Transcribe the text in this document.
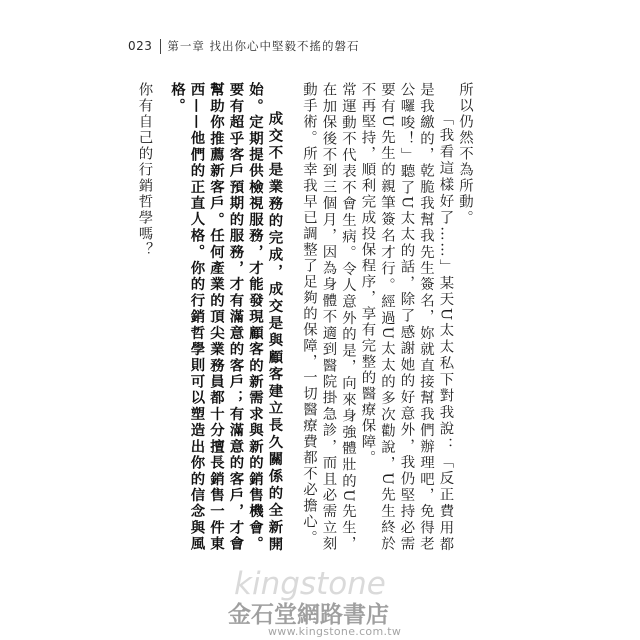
023 第一章 找出你心中堅毅不搖的磐石

所以仍然不為所動。

「我看這樣好了……」某天U太太私下對我說：「反正費用都是我繳的，乾脆我幫我先生簽名，妳就直接幫我們辦理吧，免得老公囉唆！」聽了U太太的話，除了感謝她的好意外，我仍堅持必需要有U先生的親筆簽名才行。經過U太太的多次勸說，U先生終於不再堅持，順利完成投保程序，享有完整的醫療保障。

常運動不代表不會生病。令人意外的是，向來身強體壯的U先生，在加保後不到三個月，因為身體不適到醫院掛急診，而且必需立刻動手術。所幸我早已調整了足夠的保障，一切醫療費都不必擔心。

成交不是業務的完成，成交是與顧客建立長久關係的全新開始。定期提供檢視服務，才能發現顧客的新需求與新的銷售機會。要有超乎客戶預期的服務，才有滿意的客戶；有滿意的客戶，才會幫助你推薦新客戶。任何產業的頂尖業務員都十分擅長銷售一件東西——他們的正直人格。你的行銷哲學則可以塑造出你的信念與風格。

你有自己的行銷哲學嗎？

kingstone
金石堂網路書店
www.kingstone.com.tw
